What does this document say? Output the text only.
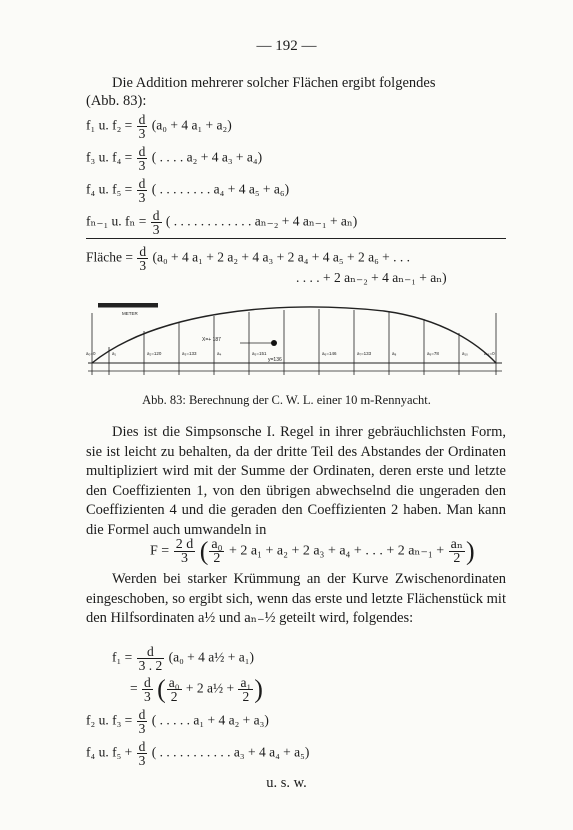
— 192 —
Die Addition mehrerer solcher Flächen ergibt folgendes
(Abb. 83):
f₁ u. $f_2 = \frac{d}{3} (a_0 + 4$ a₁ + a₂)
f₃ u. $f_4 = \frac{d}{3}$ ( . . . . a₂ + 4 a₃ + a₄)
f₄ u. $f_5 = \frac{d}{3}$ ( . . . . . . . . a₄ + 4 a₅ + a₆)
fₙ₋₁ u. $f_n = \frac{d}{3}$ ( . . . . . . . . . . . . aₙ₋₂ + 4 aₙ₋₁ + aₙ)
Fläche = $\frac{d}{3} (a_0 + 4$ a₁ + 2 a₂ + 4 a₃ + 2 a₄ + 4 a₅ + 2 a₆ + . . .
. . . . + 2 aₙ₋₂ + 4 aₙ₋₁ + aₙ)
METER
X=+ 187
y=136
a₀=0	a₁	a₂=120	a₃=133	a₄	a₅=151	a₆=146	a₇=133	a₈	a₉=78	a₁₀	a₁₁=0
Abb. 83: Berechnung der C. W. L. einer 10 m-Rennyacht.
Dies ist die Simpsonsche I. Regel in ihrer gebräuchlichsten Form, sie ist leicht zu behalten, da der dritte Teil des Abstandes der Ordinaten multipliziert wird mit der Summe der Ordinaten, deren erste und letzte den Coeffizienten 1, von den übrigen abwechselnd die ungeraden den Coeffizienten 4 und die geraden den Coeffizienten 2 haben. Man kann die Formel auch umwandeln in
$F = \frac{2 d}{3}$ ( $\frac{\text{a₀}}{2} + 2$ a₁ + a₂ + 2 a₃ + a₄ + . . . + 2 $a_{n-1} + \frac{\text{aₙ}}{2}$ )
Werden bei starker Krümmung an der Kurve Zwischenordinaten eingeschoben, so ergibt sich, wenn das erste und letzte Flächenstück mit den Hilfsordinaten a½ und aₙ₋½ geteilt wird, folgendes:
$f_1 = \frac{d}{3 . 2} (a_0 + 4$ a½ + a₁)
= $\frac{d}{3}$ ( $\frac{\text{a₀}}{2} + 2$ a½ + $\frac{\text{a₁}}{2}$ )
f₂ u. $f_3 = \frac{d}{3}$ ( . . . . . a₁ + 4 a₂ + a₃)
f₄ u. $f_5 + \frac{d}{3}$ ( . . . . . . . . . . . a₃ + 4 a₄ + a₅)
u. s. w.
